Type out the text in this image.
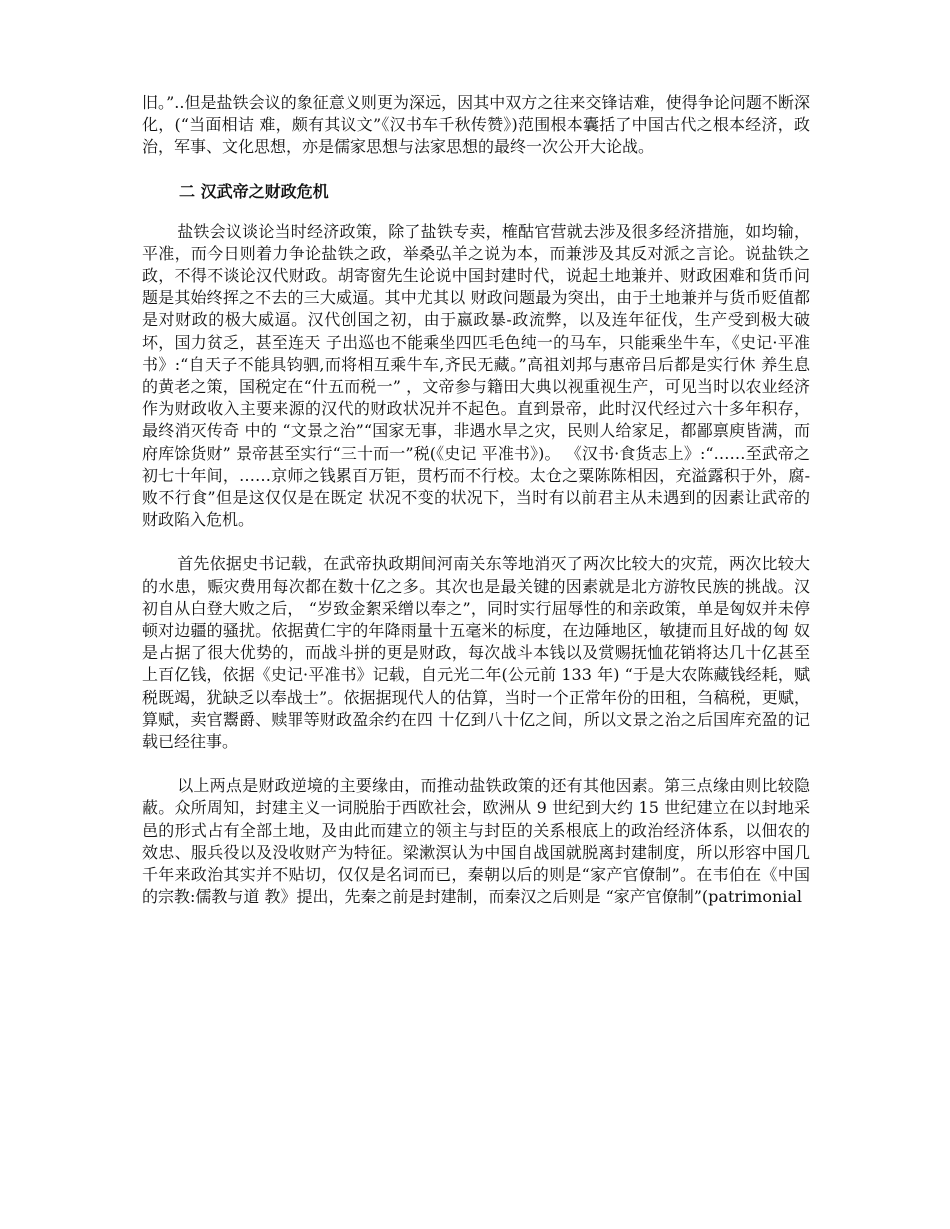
旧。”..但是盐铁会议的象征意义则更为深远，因其中双方之往来交锋诘难，使得争论问题不断深化，(“当面相诘 难，颇有其议文”《汉书车千秋传赞》)范围根本囊括了中国古代之根本经济，政治，军事、文化思想，亦是儒家思想与法家思想的最终一次公开大论战。

二 汉武帝之财政危机

盐铁会议谈论当时经济政策，除了盐铁专卖，榷酤官营就去涉及很多经济措施，如均输，平准，而今日则着力争论盐铁之政，举桑弘羊之说为本，而兼涉及其反对派之言论。说盐铁之政，不得不谈论汉代财政。胡寄窗先生论说中国封建时代，说起土地兼并、财政困难和货币问题是其始终挥之不去的三大威逼。其中尤其以 财政问题最为突出，由于土地兼并与货币贬值都是对财政的极大威逼。汉代创国之初，由于嬴政暴-政流弊，以及连年征伐，生产受到极大破坏，国力贫乏，甚至连天 子出巡也不能乘坐四匹毛色纯一的马车，只能乘坐牛车，《史记·平准书》:“自天子不能具钧驷,而将相互乘牛车,齐民无藏。”高祖刘邦与惠帝吕后都是实行休 养生息的黄老之策，国税定在“什五而税一” ，文帝参与籍田大典以视重视生产，可见当时以农业经济作为财政收入主要来源的汉代的财政状况并不起色。直到景帝，此时汉代经过六十多年积存，最终消灭传奇 中的 “文景之治”“国家无事，非遇水旱之灾，民则人给家足，都鄙禀庾皆满，而府库馀货财” 景帝甚至实行“三十而一”税(《史记 平准书》)。 《汉书·食货志上》:“……至武帝之初七十年间，……京师之钱累百万钜，贯朽而不行校。太仓之粟陈陈相因，充溢露积于外，腐-败不行食”但是这仅仅是在既定 状况不变的状况下，当时有以前君主从未遇到的因素让武帝的财政陷入危机。

首先依据史书记载，在武帝执政期间河南关东等地消灭了两次比较大的灾荒，两次比较大的水患，赈灾费用每次都在数十亿之多。其次也是最关键的因素就是北方游牧民族的挑战。汉初自从白登大败之后， “岁致金絮采缯以奉之”，同时实行屈辱性的和亲政策，单是匈奴并未停顿对边疆的骚扰。依据黄仁宇的年降雨量十五毫米的标度，在边陲地区，敏捷而且好战的匈 奴是占据了很大优势的，而战斗拼的更是财政，每次战斗本钱以及赏赐抚恤花销将达几十亿甚至上百亿钱，依据《史记·平准书》记载，自元光二年(公元前 133 年) “于是大农陈藏钱经耗，赋税既竭，犹缺乏以奉战士”。依据据现代人的估算，当时一个正常年份的田租，刍稿税，更赋，算赋，卖官鬻爵、赎罪等财政盈余约在四 十亿到八十亿之间，所以文景之治之后国库充盈的记载已经往事。

以上两点是财政逆境的主要缘由，而推动盐铁政策的还有其他因素。第三点缘由则比较隐蔽。众所周知，封建主义一词脱胎于西欧社会，欧洲从 9 世纪到大约 15 世纪建立在以封地采邑的形式占有全部土地，及由此而建立的领主与封臣的关系根底上的政治经济体系，以佃农的效忠、服兵役以及没收财产为特征。梁漱溟认为中国自战国就脱离封建制度，所以形容中国几千年来政治其实并不贴切，仅仅是名词而已，秦朝以后的则是“家产官僚制”。在韦伯在《中国的宗教:儒教与道 教》提出，先秦之前是封建制，而秦汉之后则是 “家产官僚制”(patrimonial
